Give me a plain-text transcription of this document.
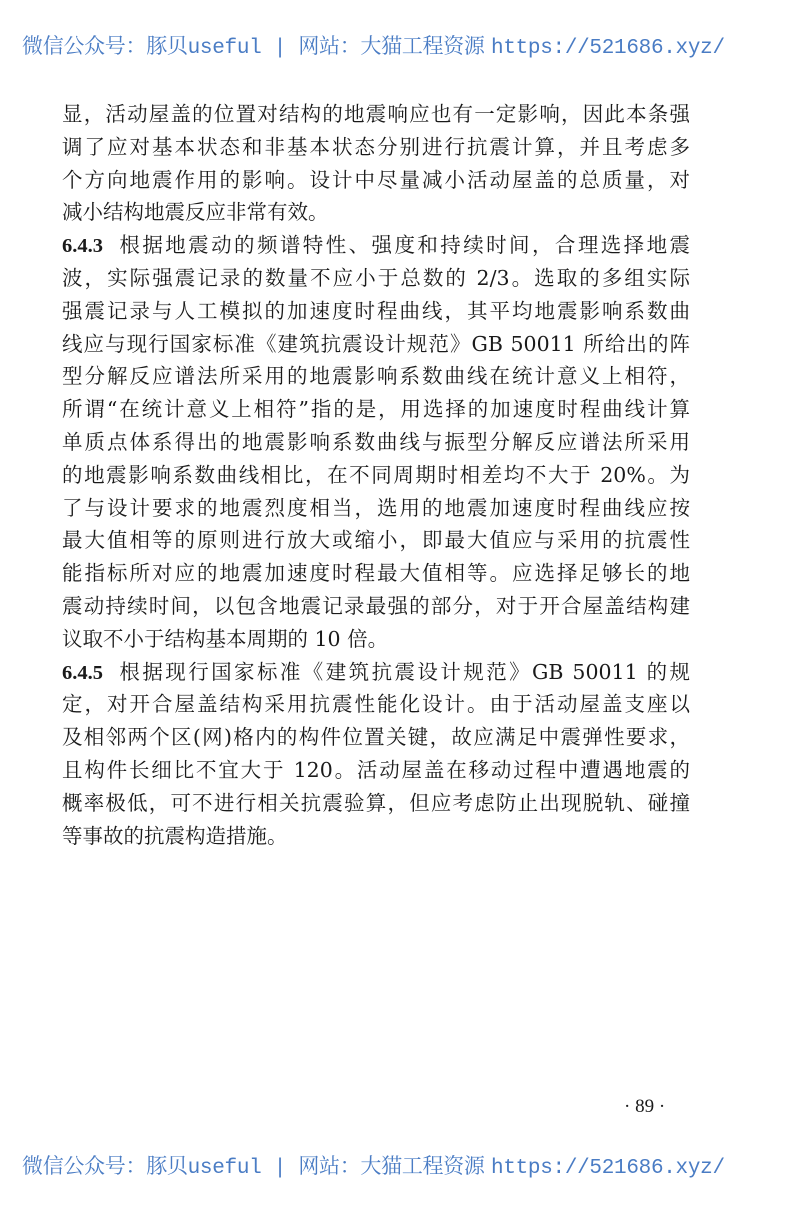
微信公众号：豚贝useful | 网站：大猫工程资源 https://521686.xyz/
显，活动屋盖的位置对结构的地震响应也有一定影响，因此本条强
调了应对基本状态和非基本状态分别进行抗震计算，并且考虑多
个方向地震作用的影响。设计中尽量减小活动屋盖的总质量，对
减小结构地震反应非常有效。
6.4.3 根据地震动的频谱特性、强度和持续时间，合理选择地震
波，实际强震记录的数量不应小于总数的 2/3。选取的多组实际
强震记录与人工模拟的加速度时程曲线，其平均地震影响系数曲
线应与现行国家标准《建筑抗震设计规范》GB 50011 所给出的阵
型分解反应谱法所采用的地震影响系数曲线在统计意义上相符，
所谓“在统计意义上相符”指的是，用选择的加速度时程曲线计算
单质点体系得出的地震影响系数曲线与振型分解反应谱法所采用
的地震影响系数曲线相比，在不同周期时相差均不大于 20%。为
了与设计要求的地震烈度相当，选用的地震加速度时程曲线应按
最大值相等的原则进行放大或缩小，即最大值应与采用的抗震性
能指标所对应的地震加速度时程最大值相等。应选择足够长的地
震动持续时间，以包含地震记录最强的部分，对于开合屋盖结构建
议取不小于结构基本周期的 10 倍。
6.4.5 根据现行国家标准《建筑抗震设计规范》GB 50011 的规
定，对开合屋盖结构采用抗震性能化设计。由于活动屋盖支座以
及相邻两个区(网)格内的构件位置关键，故应满足中震弹性要求，
且构件长细比不宜大于 120。活动屋盖在移动过程中遭遇地震的
概率极低，可不进行相关抗震验算，但应考虑防止出现脱轨、碰撞
等事故的抗震构造措施。
· 89 ·
微信公众号：豚贝useful | 网站：大猫工程资源 https://521686.xyz/
